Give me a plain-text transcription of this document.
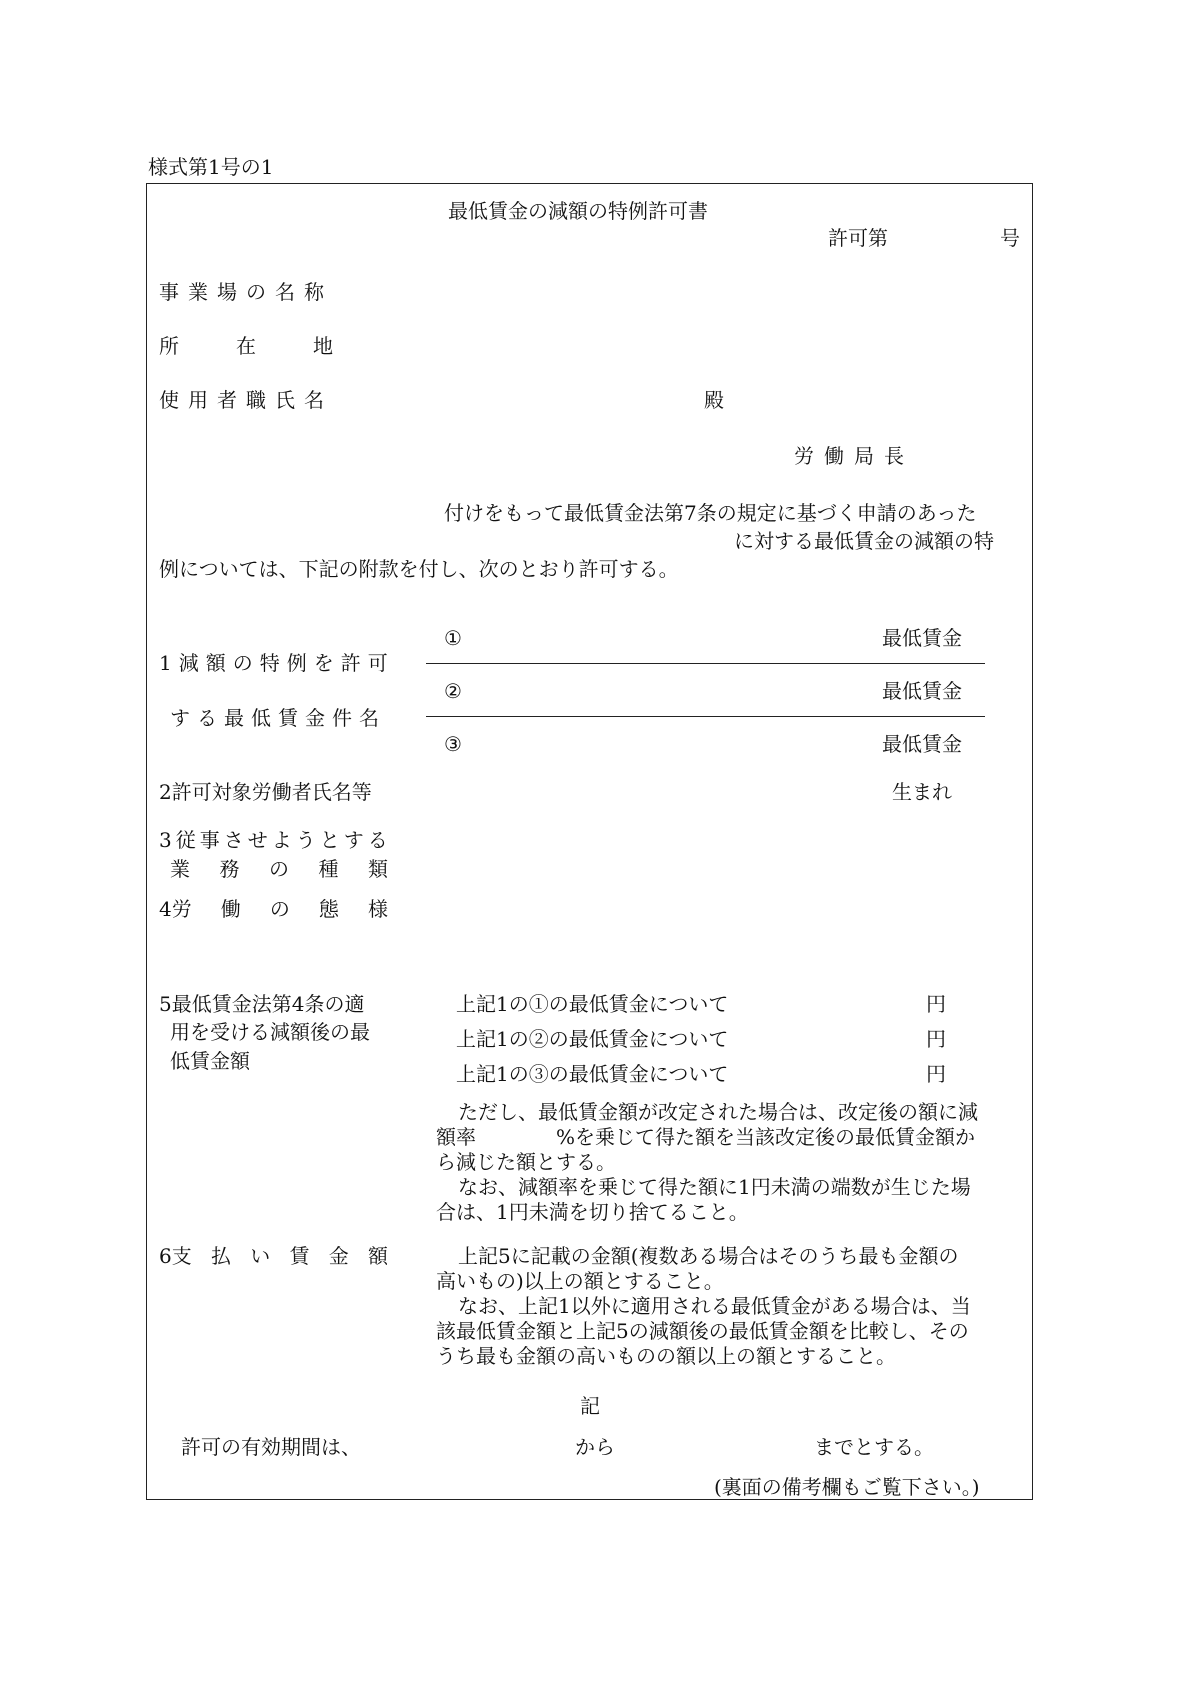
様式第1号の1
最低賃金の減額の特例許可書
許可第	号
事業場の名称
所	在	地
使用者職氏名	殿
労働局長
付けをもって最低賃金法第7条の規定に基づく申請のあった
に対する最低賃金の減額の特
例については、下記の附款を付し、次のとおり許可する。
1減額の特例を許可
する最低賃金件名
①	最低賃金
②	最低賃金
③	最低賃金
2許可対象労働者氏名等	生まれ
3従事させようとする
業 務 の 種 類
4労 働 の 態 様
5最低賃金法第4条の適
用を受ける減額後の最
低賃金額
上記1の①の最低賃金について	円
上記1の②の最低賃金について	円
上記1の③の最低賃金について	円
ただし、最低賃金額が改定された場合は、改定後の額に減
額率　　　　%を乗じて得た額を当該改定後の最低賃金額か
ら減じた額とする。
なお、減額率を乗じて得た額に1円未満の端数が生じた場
合は、1円未満を切り捨てること。
6支 払 い 賃 金 額	上記5に記載の金額(複数ある場合はそのうち最も金額の
高いもの)以上の額とすること。
なお、上記1以外に適用される最低賃金がある場合は、当
該最低賃金額と上記5の減額後の最低賃金額を比較し、その
うち最も金額の高いものの額以上の額とすること。
記
許可の有効期間は、	から	までとする。
(裏面の備考欄もご覧下さい。)
